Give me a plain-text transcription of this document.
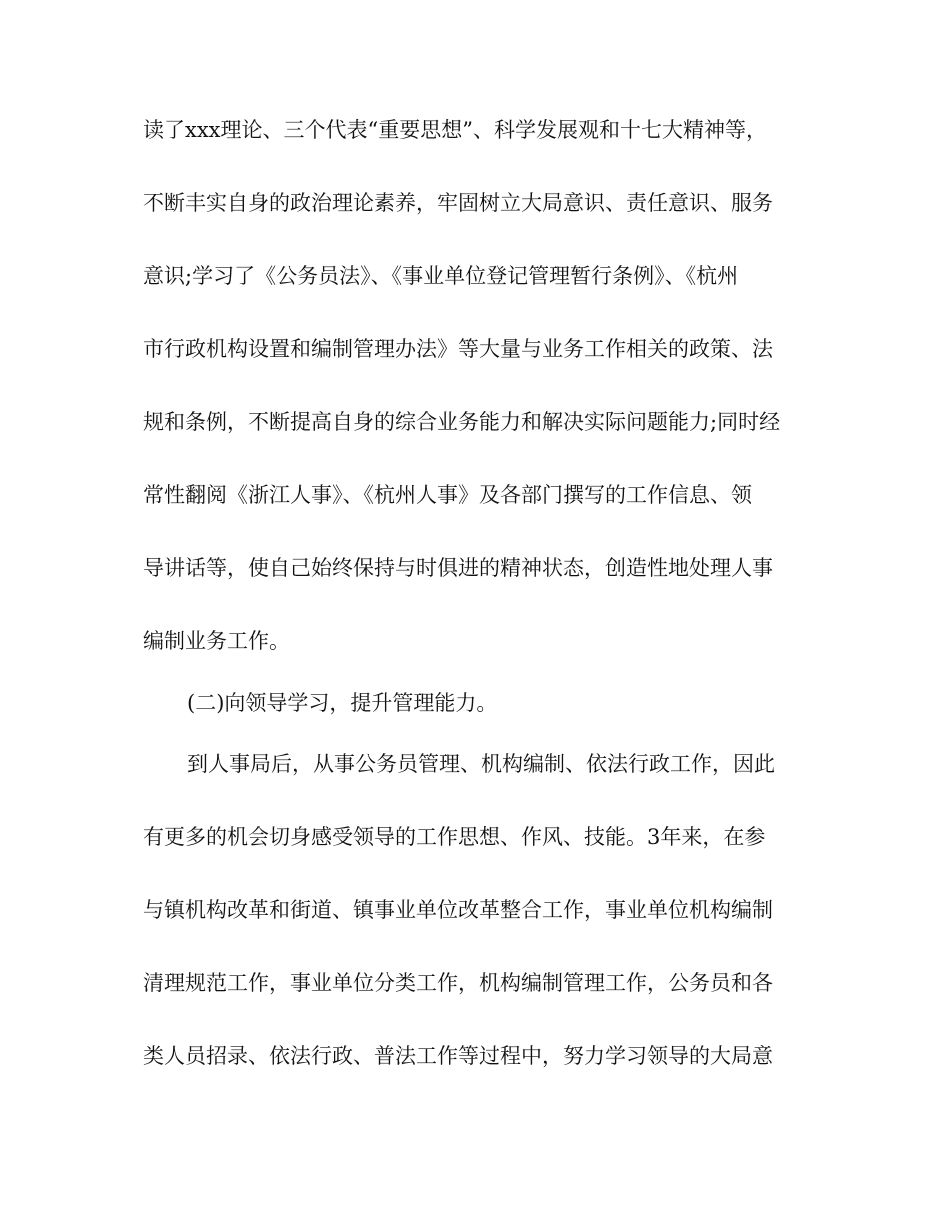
读了xxx理论、三个代表“重要思想”、科学发展观和十七大精神等，
不断丰实自身的政治理论素养，牢固树立大局意识、责任意识、服务
意识;学习了《公务员法》、《事业单位登记管理暂行条例》、《杭州
市行政机构设置和编制管理办法》等大量与业务工作相关的政策、法
规和条例，不断提高自身的综合业务能力和解决实际问题能力;同时经
常性翻阅《浙江人事》、《杭州人事》及各部门撰写的工作信息、领
导讲话等，使自己始终保持与时俱进的精神状态，创造性地处理人事
编制业务工作。
(二)向领导学习，提升管理能力。
到人事局后，从事公务员管理、机构编制、依法行政工作，因此
有更多的机会切身感受领导的工作思想、作风、技能。3年来，在参
与镇机构改革和街道、镇事业单位改革整合工作，事业单位机构编制
清理规范工作，事业单位分类工作，机构编制管理工作，公务员和各
类人员招录、依法行政、普法工作等过程中，努力学习领导的大局意
